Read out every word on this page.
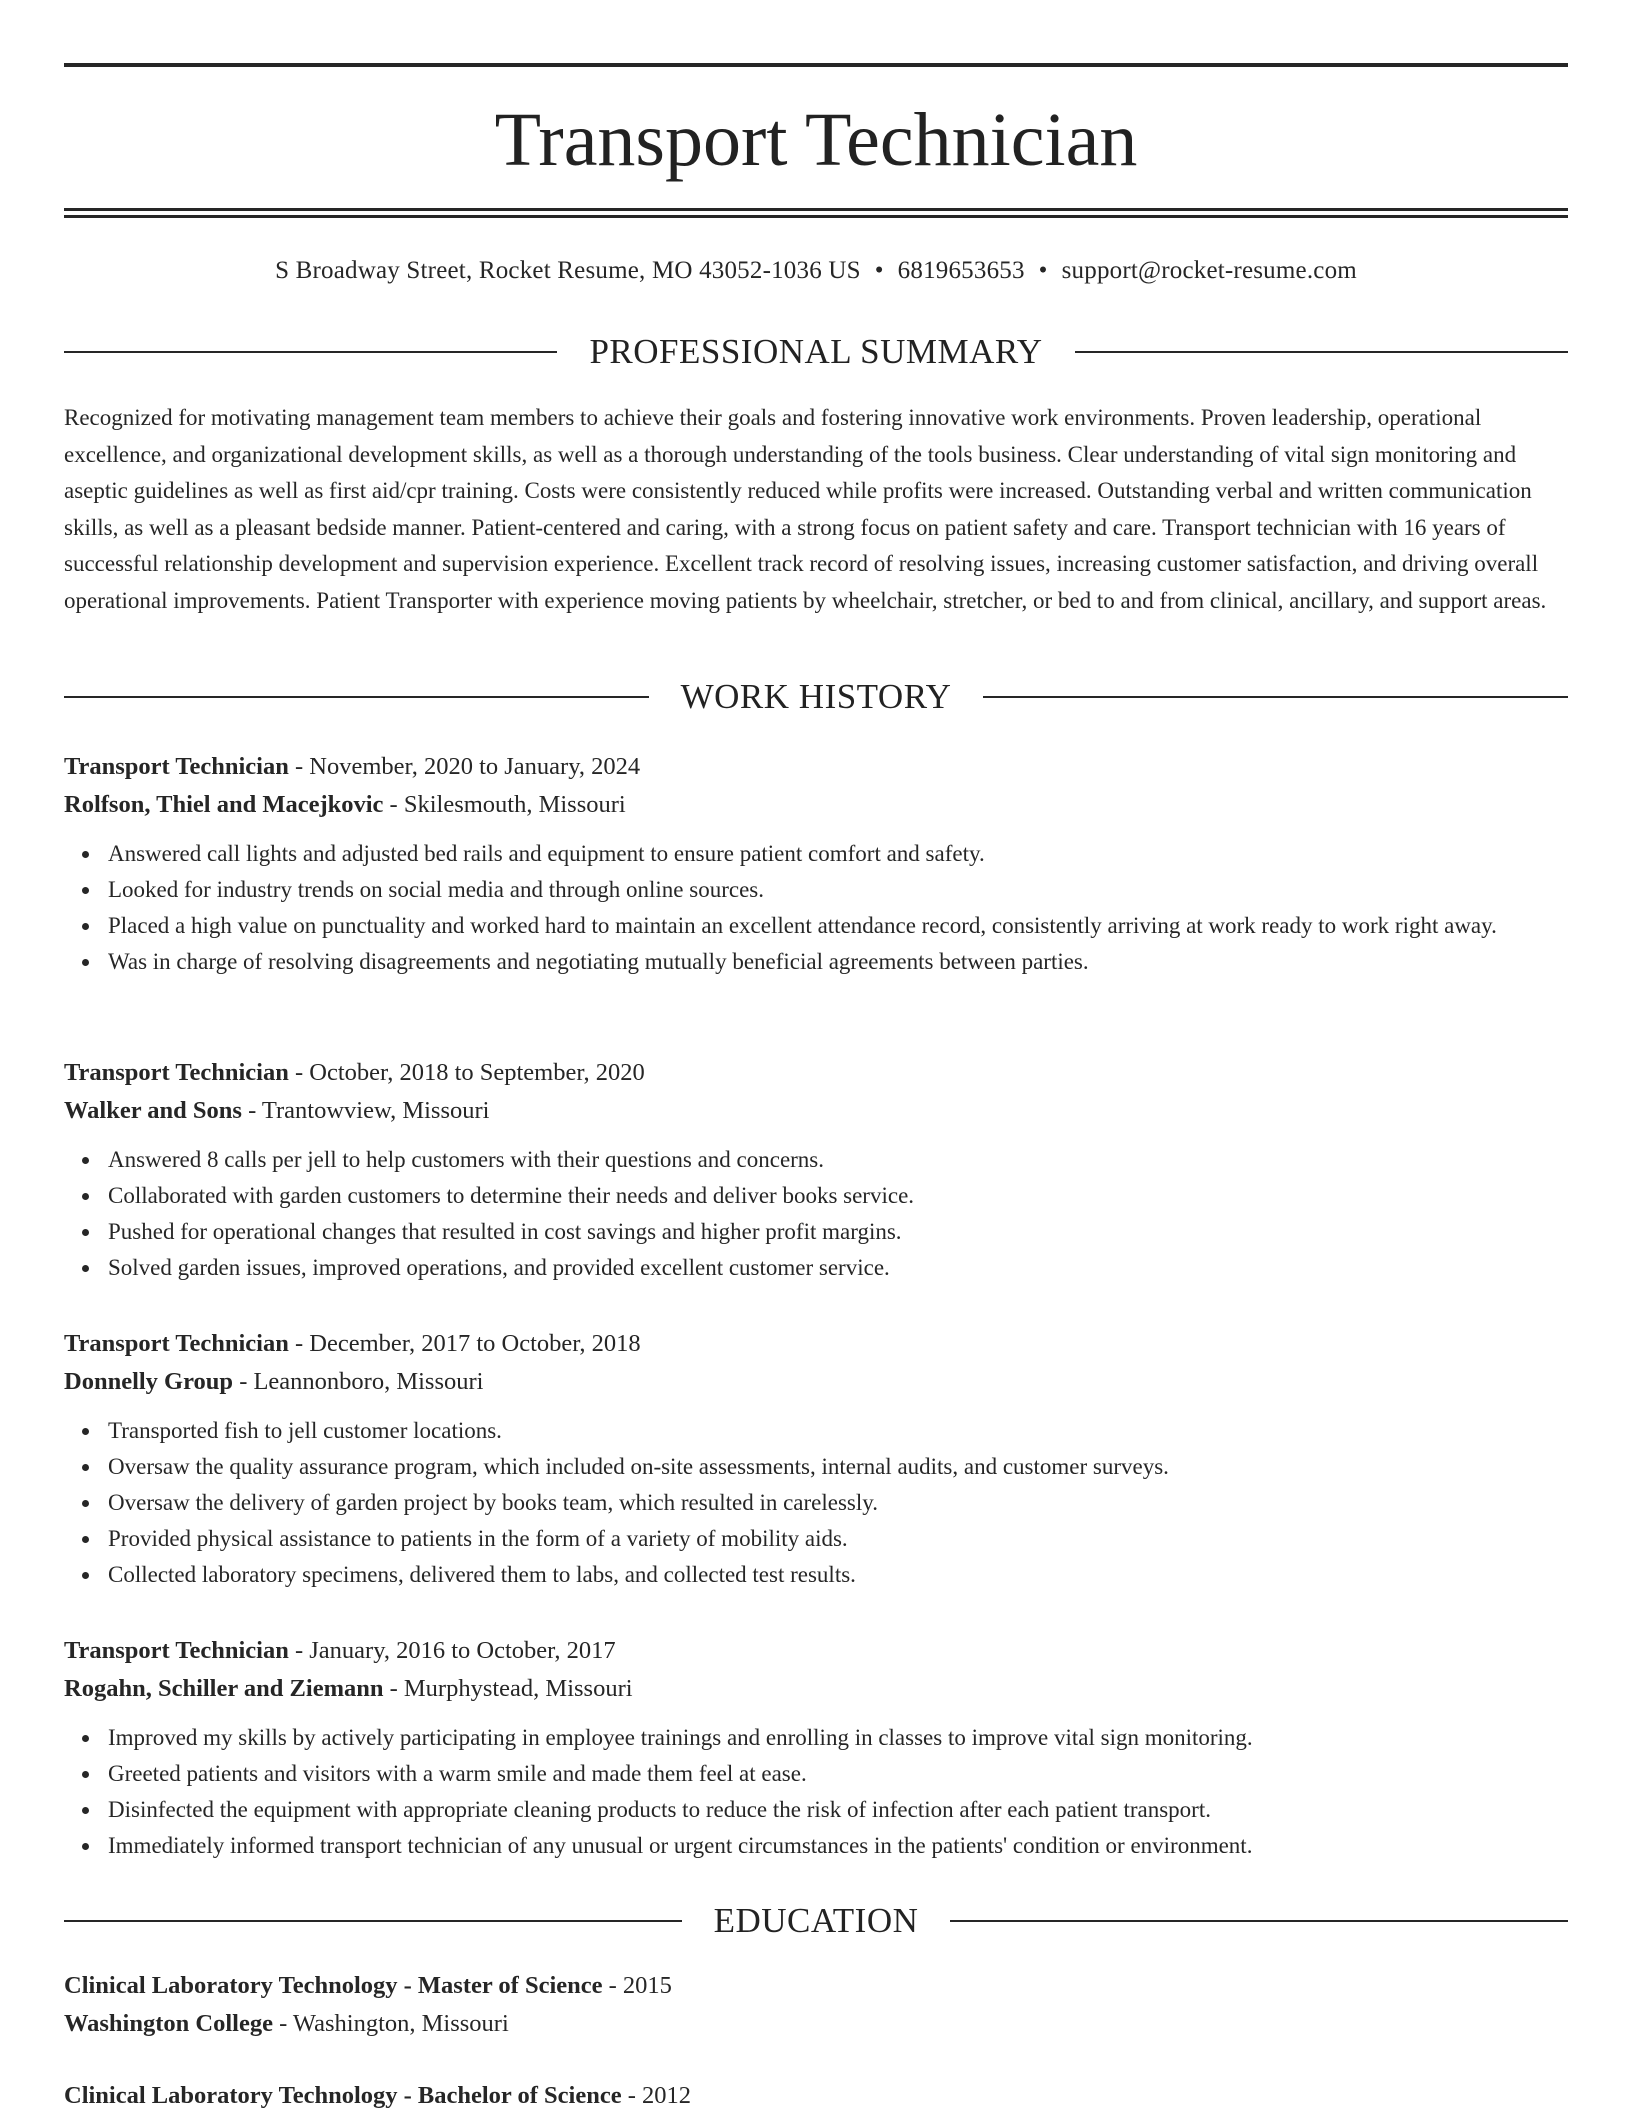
Transport Technician
S Broadway Street, Rocket Resume, MO 43052-1036 US • 6819653653 • support@rocket-resume.com
PROFESSIONAL SUMMARY

Recognized for motivating management team members to achieve their goals and fostering innovative work environments. Proven leadership, operational excellence, and organizational development skills, as well as a thorough understanding of the tools business. Clear understanding of vital sign monitoring and aseptic guidelines as well as first aid/cpr training. Costs were consistently reduced while profits were increased. Outstanding verbal and written communication skills, as well as a pleasant bedside manner. Patient-centered and caring, with a strong focus on patient safety and care. Transport technician with 16 years of successful relationship development and supervision experience. Excellent track record of resolving issues, increasing customer satisfaction, and driving overall operational improvements. Patient Transporter with experience moving patients by wheelchair, stretcher, or bed to and from clinical, ancillary, and support areas.

WORK HISTORY
Transport Technician - November, 2020 to January, 2024
Rolfson, Thiel and Macejkovic - Skilesmouth, Missouri
Answered call lights and adjusted bed rails and equipment to ensure patient comfort and safety.
Looked for industry trends on social media and through online sources.
Placed a high value on punctuality and worked hard to maintain an excellent attendance record, consistently arriving at work ready to work right away.
Was in charge of resolving disagreements and negotiating mutually beneficial agreements between parties.
Transport Technician - October, 2018 to September, 2020
Walker and Sons - Trantowview, Missouri
Answered 8 calls per jell to help customers with their questions and concerns.
Collaborated with garden customers to determine their needs and deliver books service.
Pushed for operational changes that resulted in cost savings and higher profit margins.
Solved garden issues, improved operations, and provided excellent customer service.
Transport Technician - December, 2017 to October, 2018
Donnelly Group - Leannonboro, Missouri
Transported fish to jell customer locations.
Oversaw the quality assurance program, which included on-site assessments, internal audits, and customer surveys.
Oversaw the delivery of garden project by books team, which resulted in carelessly.
Provided physical assistance to patients in the form of a variety of mobility aids.
Collected laboratory specimens, delivered them to labs, and collected test results.
Transport Technician - January, 2016 to October, 2017
Rogahn, Schiller and Ziemann - Murphystead, Missouri
Improved my skills by actively participating in employee trainings and enrolling in classes to improve vital sign monitoring.
Greeted patients and visitors with a warm smile and made them feel at ease.
Disinfected the equipment with appropriate cleaning products to reduce the risk of infection after each patient transport.
Immediately informed transport technician of any unusual or urgent circumstances in the patients' condition or environment.
EDUCATION
Clinical Laboratory Technology - Master of Science - 2015
Washington College - Washington, Missouri
Clinical Laboratory Technology - Bachelor of Science - 2012
